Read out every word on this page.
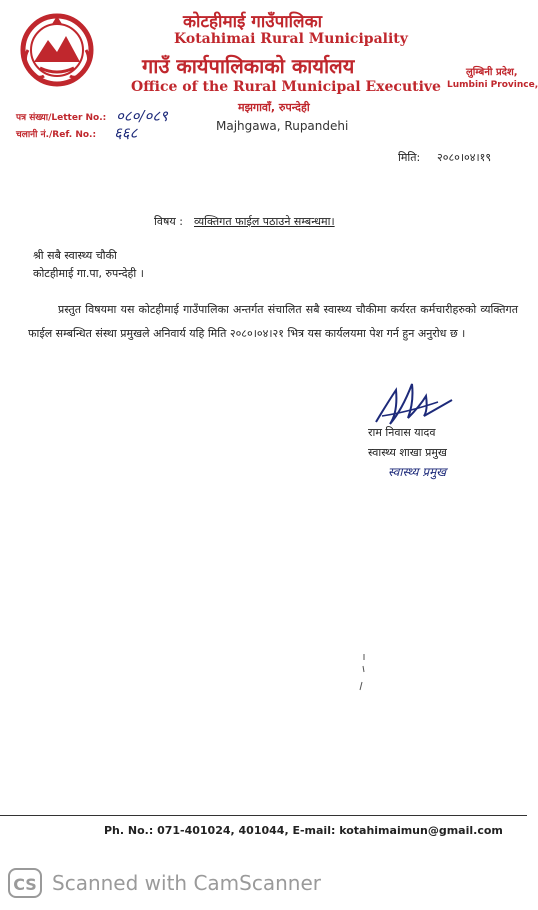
कोटहीमाई गाउँपालिका
Kotahimai Rural Municipality
गाउँ कार्यपालिकाको कार्यालय
Office of the Rural Municipal Executive
मझगावाँ, रुपन्देही
Majhgawa, Rupandehi
लुम्बिनी प्रदेश,
Lumbini Province,
पत्र संख्या/Letter No.: ०८०/०८९
चलानी नं./Ref. No.: ६६८
मिति: २०८०।०४।१९
विषय : व्यक्तिगत फाईल पठाउने सम्बन्धमा।
श्री सबै स्वास्थ्य चौकी
कोटहीमाई गा.पा, रुपन्देही ।
प्रस्तुत विषयमा यस कोटहीमाई गाउँपालिका अन्तर्गत संचालित सबै स्वास्थ्य चौकीमा कर्यरत कर्मचारीहरुको व्यक्तिगत फाईल सम्बन्धित संस्था प्रमुखले अनिवार्य यहि मिति २०८०।०४।२१ भित्र यस कार्यलयमा पेश गर्न हुन अनुरोध छ ।
राम निवास यादव
स्वास्थ्य शाखा प्रमुख
स्वास्थ्य प्रमुख
Ph. No.: 071-401024, 401044, E-mail: kotahimaimun@gmail.com
CS Scanned with CamScanner
